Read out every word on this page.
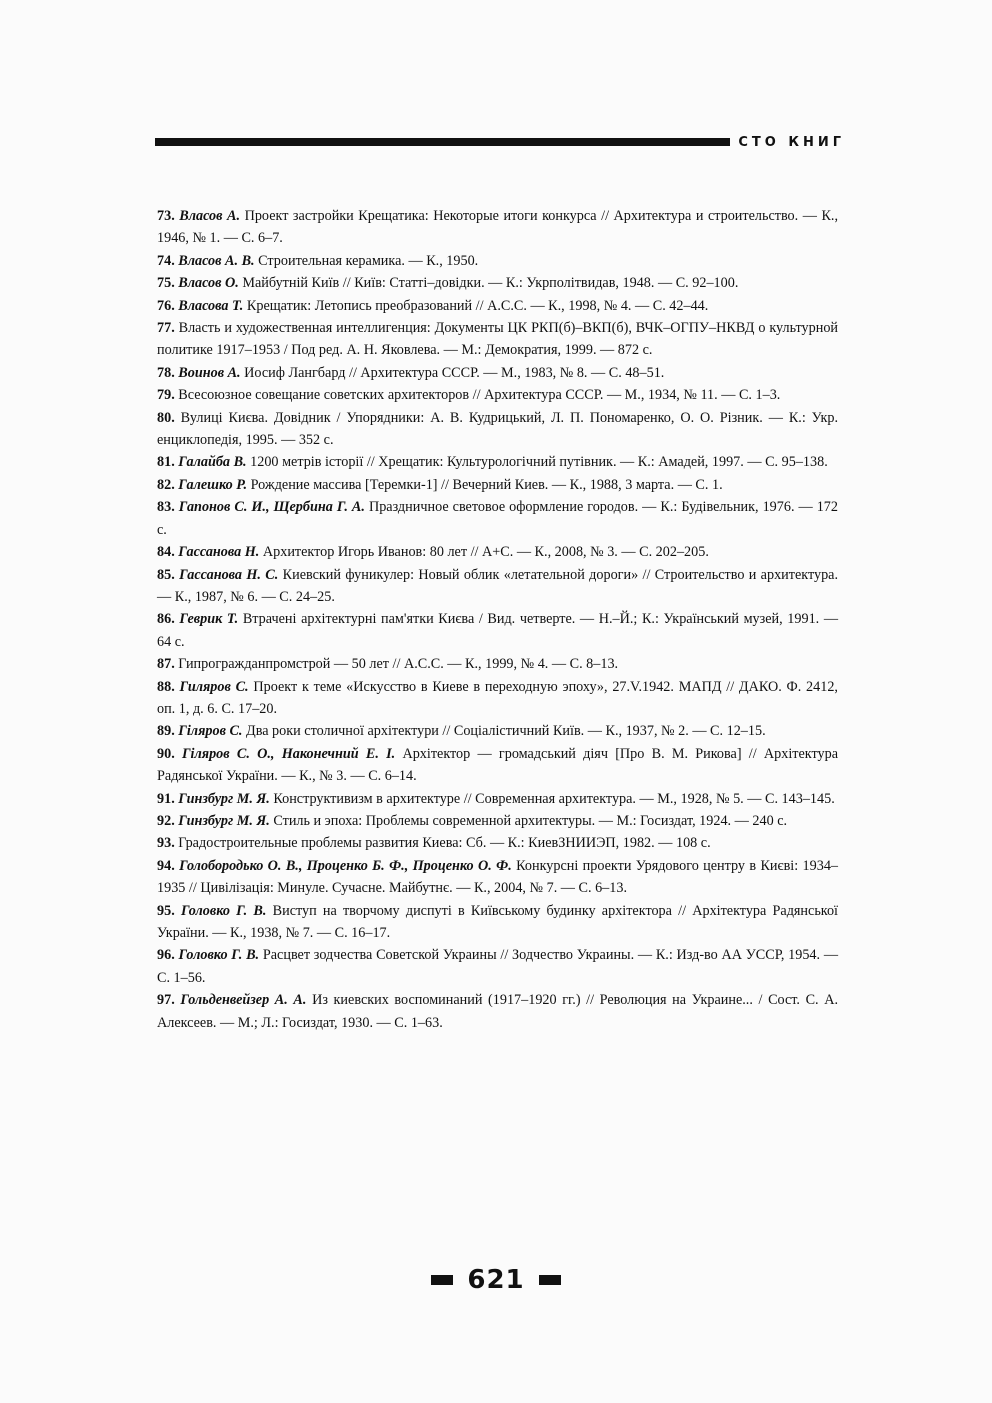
СТО КНИГ

73. Власов А. Проект застройки Крещатика: Некоторые итоги конкурса // Архитектура и строительство. — К., 1946, № 1. — С. 6–7.

74. Власов А. В. Строительная керамика. — К., 1950.

75. Власов О. Майбутній Київ // Київ: Статті–довідки. — К.: Укрполітвидав, 1948. — С. 92–100.

76. Власова Т. Крещатик: Летопись преобразований // А.С.С. — К., 1998, № 4. — С. 42–44.

77. Власть и художественная интеллигенция: Документы ЦК РКП(б)–ВКП(б), ВЧК–ОГПУ–НКВД о культурной политике 1917–1953 / Под ред. А. Н. Яковлева. — М.: Демократия, 1999. — 872 с.

78. Воинов А. Иосиф Лангбард // Архитектура СССР. — М., 1983, № 8. — С. 48–51.

79. Всесоюзное совещание советских архитекторов // Архитектура СССР. — М., 1934, № 11. — С. 1–3.

80. Вулиці Києва. Довідник / Упорядники: А. В. Кудрицький, Л. П. Пономаренко, О. О. Різник. — К.: Укр. енциклопедія, 1995. — 352 с.

81. Галайба В. 1200 метрів історії // Хрещатик: Культурологічний путівник. — К.: Амадей, 1997. — С. 95–138.

82. Галешко Р. Рождение массива [Теремки-1] // Вечерний Киев. — К., 1988, 3 марта. — С. 1.

83. Гапонов С. И., Щербина Г. А. Праздничное световое оформление городов. — К.: Будівельник, 1976. — 172 с.

84. Гассанова Н. Архитектор Игорь Иванов: 80 лет // А+С. — К., 2008, № 3. — С. 202–205.

85. Гассанова Н. С. Киевский фуникулер: Новый облик «летательной дороги» // Строительство и архитектура. — К., 1987, № 6. — С. 24–25.

86. Геврик Т. Втрачені архітектурні пам'ятки Києва / Вид. четверте. — Н.–Й.; К.: Український музей, 1991. — 64 с.

87. Гипрогражданпромстрой — 50 лет // А.С.С. — К., 1999, № 4. — С. 8–13.

88. Гиляров С. Проект к теме «Искусство в Киеве в переходную эпоху», 27.V.1942. МАПД // ДАКО. Ф. 2412, оп. 1, д. 6. С. 17–20.

89. Гіляров С. Два роки столичної архітектури // Соціалістичний Київ. — К., 1937, № 2. — С. 12–15.

90. Гіляров С. О., Наконечний Е. І. Архітектор — громадський діяч [Про В. М. Рикова] // Архітектура Радянської України. — К., № 3. — С. 6–14.

91. Гинзбург М. Я. Конструктивизм в архитектуре // Современная архитектура. — М., 1928, № 5. — С. 143–145.

92. Гинзбург М. Я. Стиль и эпоха: Проблемы современной архитектуры. — М.: Госиздат, 1924. — 240 с.

93. Градостроительные проблемы развития Киева: Сб. — К.: КиевЗНИИЭП, 1982. — 108 с.

94. Голобородько О. В., Проценко Б. Ф., Проценко О. Ф. Конкурсні проекти Урядового центру в Києві: 1934–1935 // Цивілізація: Минуле. Сучасне. Майбутнє. — К., 2004, № 7. — С. 6–13.

95. Головко Г. В. Виступ на творчому диспуті в Київському будинку архітектора // Архітектура Радянської України. — К., 1938, № 7. — С. 16–17.

96. Головко Г. В. Расцвет зодчества Советской Украины // Зодчество Украины. — К.: Изд-во АА УССР, 1954. — С. 1–56.

97. Гольденвейзер А. А. Из киевских воспоминаний (1917–1920 гг.) // Революция на Украине... / Сост. С. А. Алексеев. — М.; Л.: Госиздат, 1930. — С. 1–63.

621
